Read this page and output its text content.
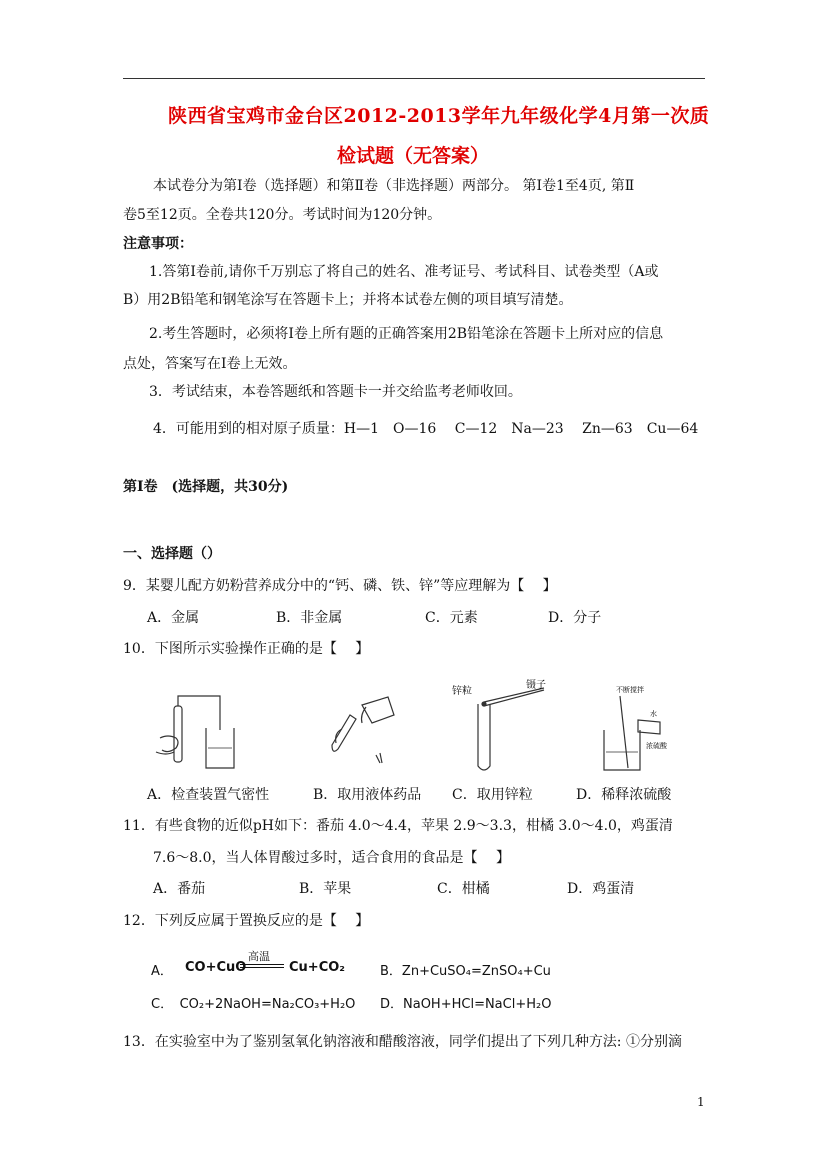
陕西省宝鸡市金台区2012-2013学年九年级化学4月第一次质
检试题（无答案）
本试卷分为第Ⅰ卷（选择题）和第Ⅱ卷（非选择题）两部分。 第Ⅰ卷1至4页, 第Ⅱ
卷5至12页。全卷共120分。考试时间为120分钟。
注意事项：
1.答第Ⅰ卷前,请你千万别忘了将自己的姓名、准考证号、考试科目、试卷类型（A或
B）用2B铅笔和钢笔涂写在答题卡上；并将本试卷左侧的项目填写清楚。
2.考生答题时，必须将Ⅰ卷上所有题的正确答案用2B铅笔涂在答题卡上所对应的信息
点处，答案写在Ⅰ卷上无效。
3．考试结束，本卷答题纸和答题卡一并交给监考老师收回。
4．可能用到的相对原子质量：H—1　O—16　 C—12　Na—23　 Zn—63　Cu—64
第Ⅰ卷　(选择题，共30分)
一、选择题（）
9．某婴儿配方奶粉营养成分中的“钙、磷、铁、锌”等应理解为【　 】
A．金属	B．非金属	C．元素	D．分子
10．下图所示实验操作正确的是【　 】
锌粒
镊子	不断搅拌
水
浓硫酸
A．检查装置气密性	B．取用液体药品 C．取用锌粒	D．稀释浓硫酸
11．有些食物的近似pH如下：番茄 4.0～4.4，苹果 2.9～3.3，柑橘 3.0～4.0，鸡蛋清
7.6～8.0，当人体胃酸过多时，适合食用的食品是【　 】
A．番茄	B．苹果	C．柑橘	D．鸡蛋清
12．下列反应属于置换反应的是【　 】
A． CO+CuO
高温
Cu+CO₂	B．Zn+CuSO₄=ZnSO₄+Cu
C．　CO₂+2NaOH=Na₂CO₃+H₂O D．NaOH+HCl=NaCl+H₂O
13．在实验室中为了鉴别氢氧化钠溶液和醋酸溶液，同学们提出了下列几种方法: ①分别滴
1
